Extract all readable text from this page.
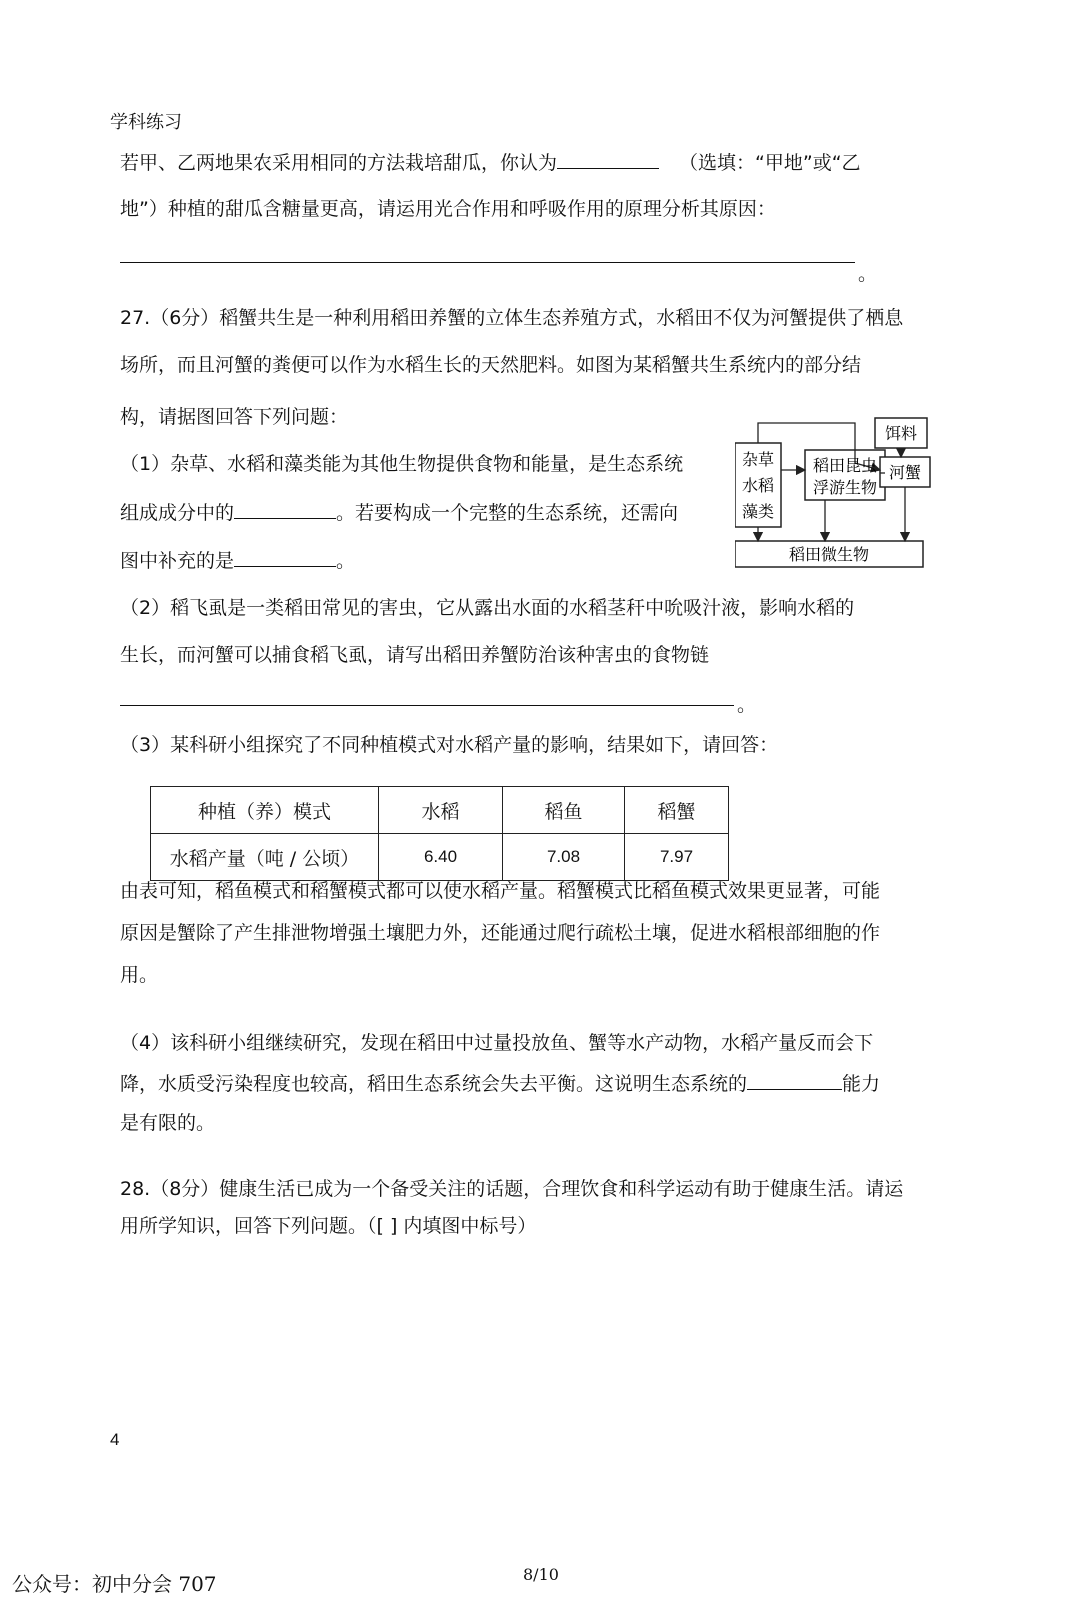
学科练习
若甲、乙两地果农采用相同的方法栽培甜瓜，你认为	（选填：“甲地”或“乙
地”）种植的甜瓜含糖量更高，请运用光合作用和呼吸作用的原理分析其原因：
。
27.（6分）稻蟹共生是一种利用稻田养蟹的立体生态养殖方式，水稻田不仅为河蟹提供了栖息
场所，而且河蟹的粪便可以作为水稻生长的天然肥料。如图为某稻蟹共生系统内的部分结
构，请据图回答下列问题：
（1）杂草、水稻和藻类能为其他生物提供食物和能量，是生态系统
组成成分中的	。若要构成一个完整的生态系统，还需向
图中补充的是	。
饵料
杂草
水稻
藻类
稻田昆虫
浮游生物
河蟹
稻田微生物
（2）稻飞虱是一类稻田常见的害虫，它从露出水面的水稻茎秆中吮吸汁液，影响水稻的
生长，而河蟹可以捕食稻飞虱，请写出稻田养蟹防治该种害虫的食物链
。
（3）某科研小组探究了不同种植模式对水稻产量的影响，结果如下，请回答：
种植（养）模式	水稻	稻鱼	稻蟹
水稻产量（吨 / 公顷）	6.40	7.08	7.97
由表可知，稻鱼模式和稻蟹模式都可以使水稻产量。稻蟹模式比稻鱼模式效果更显著，可能
原因是蟹除了产生排泄物增强土壤肥力外，还能通过爬行疏松土壤，促进水稻根部细胞的作
用。
（4）该科研小组继续研究，发现在稻田中过量投放鱼、蟹等水产动物，水稻产量反而会下
降，水质受污染程度也较高，稻田生态系统会失去平衡。这说明生态系统的	能力
是有限的。
28.（8分）健康生活已成为一个备受关注的话题，合理饮食和科学运动有助于健康生活。请运
用所学知识，回答下列问题。（[ ] 内填图中标号）
4
8/10
公众号：初中分会 707
